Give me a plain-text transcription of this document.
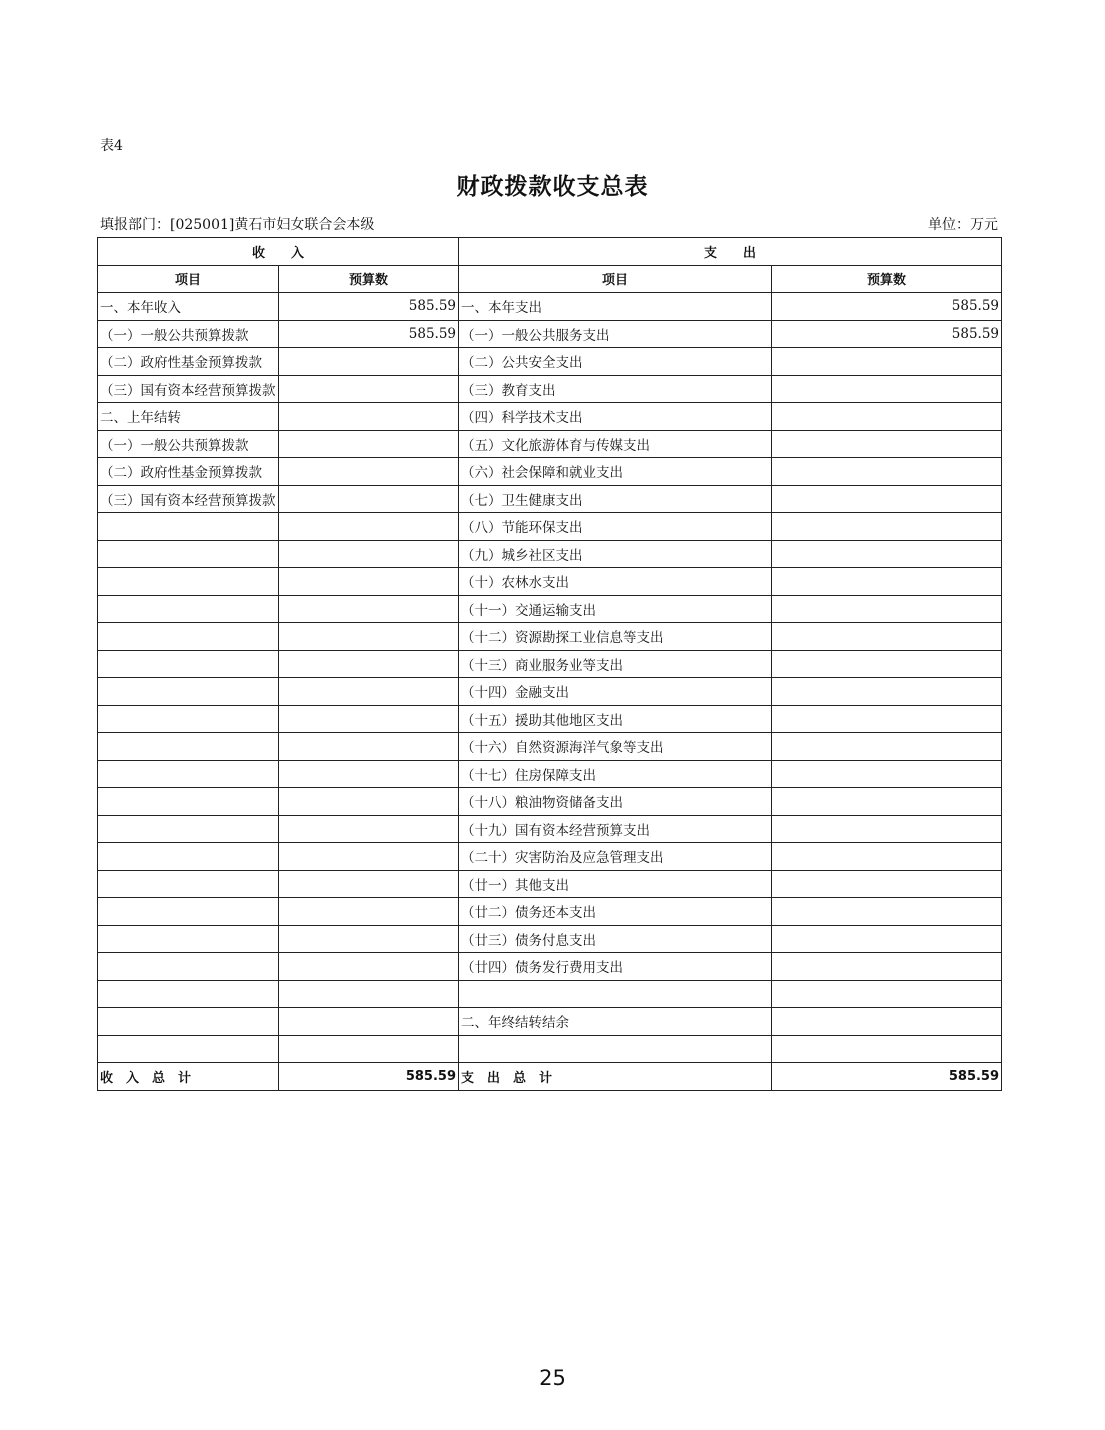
表4
财政拨款收支总表
填报部门：[025001]黄石市妇女联合会本级	单位：万元
收　　入		支　　出	
项目	预算数	项目	预算数
一、本年收入	585.59	一、本年支出	585.59
（一）一般公共预算拨款	585.59	（一）一般公共服务支出	585.59
（二）政府性基金预算拨款		（二）公共安全支出	
（三）国有资本经营预算拨款		（三）教育支出	
二、上年结转		（四）科学技术支出	
（一）一般公共预算拨款		（五）文化旅游体育与传媒支出	
（二）政府性基金预算拨款		（六）社会保障和就业支出	
（三）国有资本经营预算拨款		（七）卫生健康支出	
		（八）节能环保支出	
		（九）城乡社区支出	
		（十）农林水支出	
		（十一）交通运输支出	
		（十二）资源勘探工业信息等支出	
		（十三）商业服务业等支出	
		（十四）金融支出	
		（十五）援助其他地区支出	
		（十六）自然资源海洋气象等支出	
		（十七）住房保障支出	
		（十八）粮油物资储备支出	
		（十九）国有资本经营预算支出	
		（二十）灾害防治及应急管理支出	
		（廿一）其他支出	
		（廿二）债务还本支出	
		（廿三）债务付息支出	
		（廿四）债务发行费用支出	

		二、年终结转结余	

收　入　总　计	585.59	支　出　总　计	585.59
25
